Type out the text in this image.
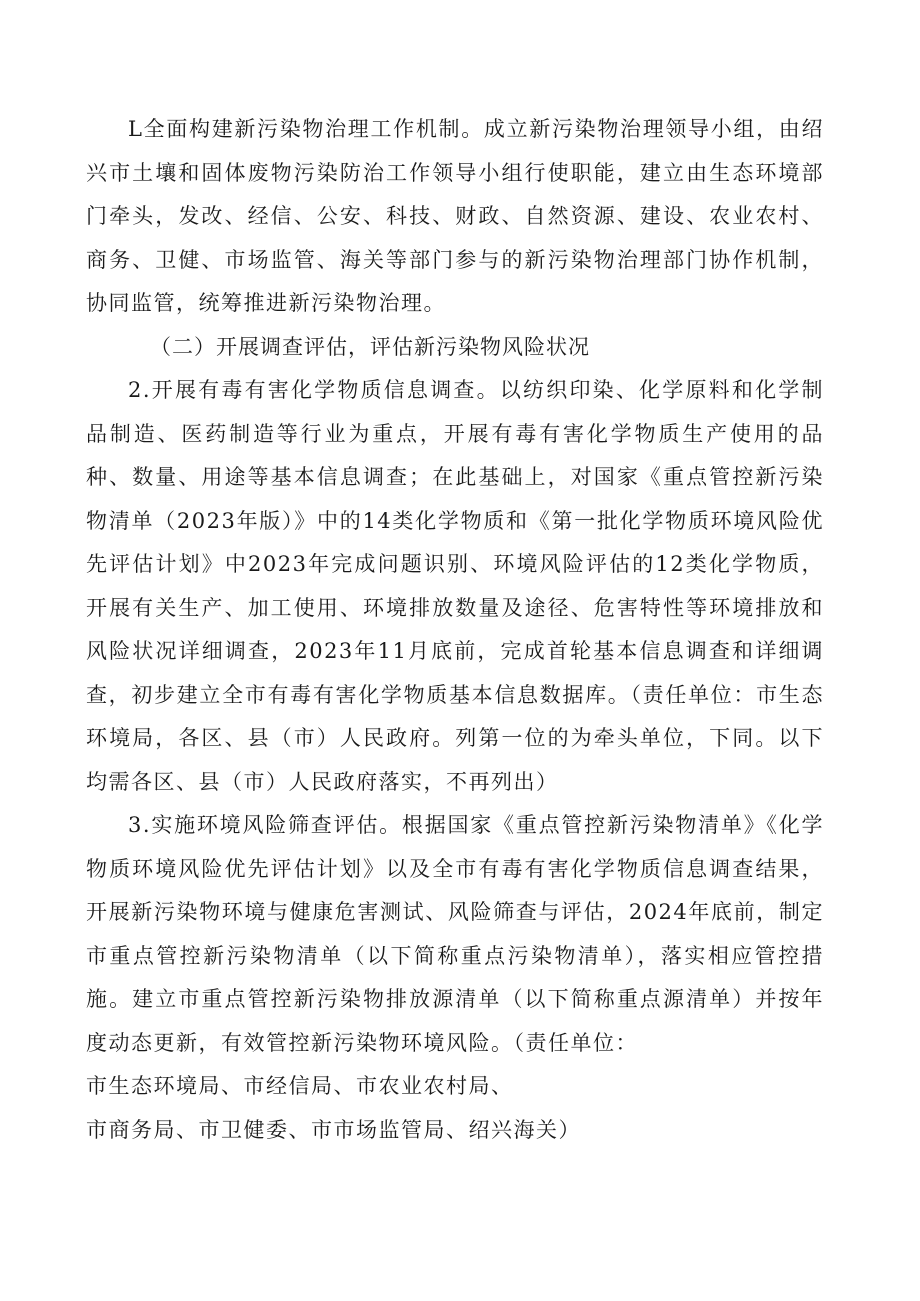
L全面构建新污染物治理工作机制。成立新污染物治理领导小组，由绍兴市土壤和固体废物污染防治工作领导小组行使职能，建立由生态环境部门牵头，发改、经信、公安、科技、财政、自然资源、建设、农业农村、商务、卫健、市场监管、海关等部门参与的新污染物治理部门协作机制，协同监管，统筹推进新污染物治理。

（二）开展调查评估，评估新污染物风险状况

2.开展有毒有害化学物质信息调查。以纺织印染、化学原料和化学制品制造、医药制造等行业为重点，开展有毒有害化学物质生产使用的品种、数量、用途等基本信息调查；在此基础上，对国家《重点管控新污染物清单（2023年版）》中的14类化学物质和《第一批化学物质环境风险优先评估计划》中2023年完成问题识别、环境风险评估的12类化学物质，开展有关生产、加工使用、环境排放数量及途径、危害特性等环境排放和风险状况详细调查，2023年11月底前，完成首轮基本信息调查和详细调查，初步建立全市有毒有害化学物质基本信息数据库。（责任单位：市生态环境局，各区、县（市）人民政府。列第一位的为牵头单位，下同。以下均需各区、县（市）人民政府落实，不再列出）

3.实施环境风险筛查评估。根据国家《重点管控新污染物清单》《化学物质环境风险优先评估计划》以及全市有毒有害化学物质信息调查结果，开展新污染物环境与健康危害测试、风险筛查与评估，2024年底前，制定市重点管控新污染物清单（以下简称重点污染物清单），落实相应管控措施。建立市重点管控新污染物排放源清单（以下简称重点源清单）并按年度动态更新，有效管控新污染物环境风险。（责任单位：

市生态环境局、市经信局、市农业农村局、

市商务局、市卫健委、市市场监管局、绍兴海关）
